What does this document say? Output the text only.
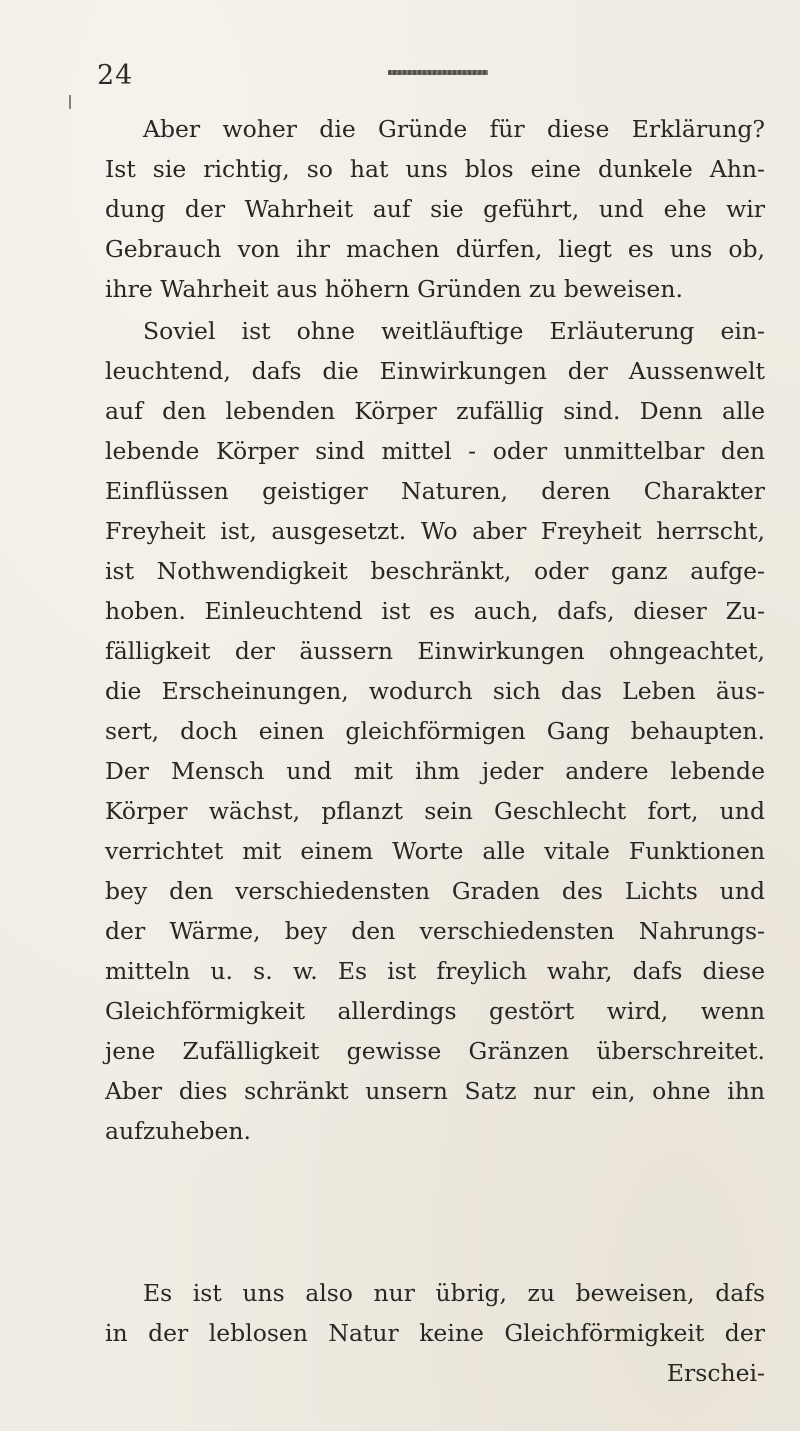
24
Aber woher die Gründe für diese Erklärung?
Ist sie richtig, so hat uns blos eine dunkele Ahn-
dung der Wahrheit auf sie geführt, und ehe wir
Gebrauch von ihr machen dürfen, liegt es uns ob,
ihre Wahrheit aus höhern Gründen zu beweisen.
Soviel ist ohne weitläuftige Erläuterung ein-
leuchtend, dafs die Einwirkungen der Aussenwelt
auf den lebenden Körper zufällig sind. Denn alle
lebende Körper sind mittel - oder unmittelbar den
Einflüssen geistiger Naturen, deren Charakter
Freyheit ist, ausgesetzt. Wo aber Freyheit herrscht,
ist Nothwendigkeit beschränkt, oder ganz aufge-
hoben. Einleuchtend ist es auch, dafs, dieser Zu-
fälligkeit der äussern Einwirkungen ohngeachtet,
die Erscheinungen, wodurch sich das Leben äus-
sert, doch einen gleichförmigen Gang behaupten.
Der Mensch und mit ihm jeder andere lebende
Körper wächst, pflanzt sein Geschlecht fort, und
verrichtet mit einem Worte alle vitale Funktionen
bey den verschiedensten Graden des Lichts und
der Wärme, bey den verschiedensten Nahrungs-
mitteln u. s. w. Es ist freylich wahr, dafs diese
Gleichförmigkeit allerdings gestört wird, wenn
jene Zufälligkeit gewisse Gränzen überschreitet.
Aber dies schränkt unsern Satz nur ein, ohne ihn
aufzuheben.
Es ist uns also nur übrig, zu beweisen, dafs
in der leblosen Natur keine Gleichförmigkeit der
Erschei-
